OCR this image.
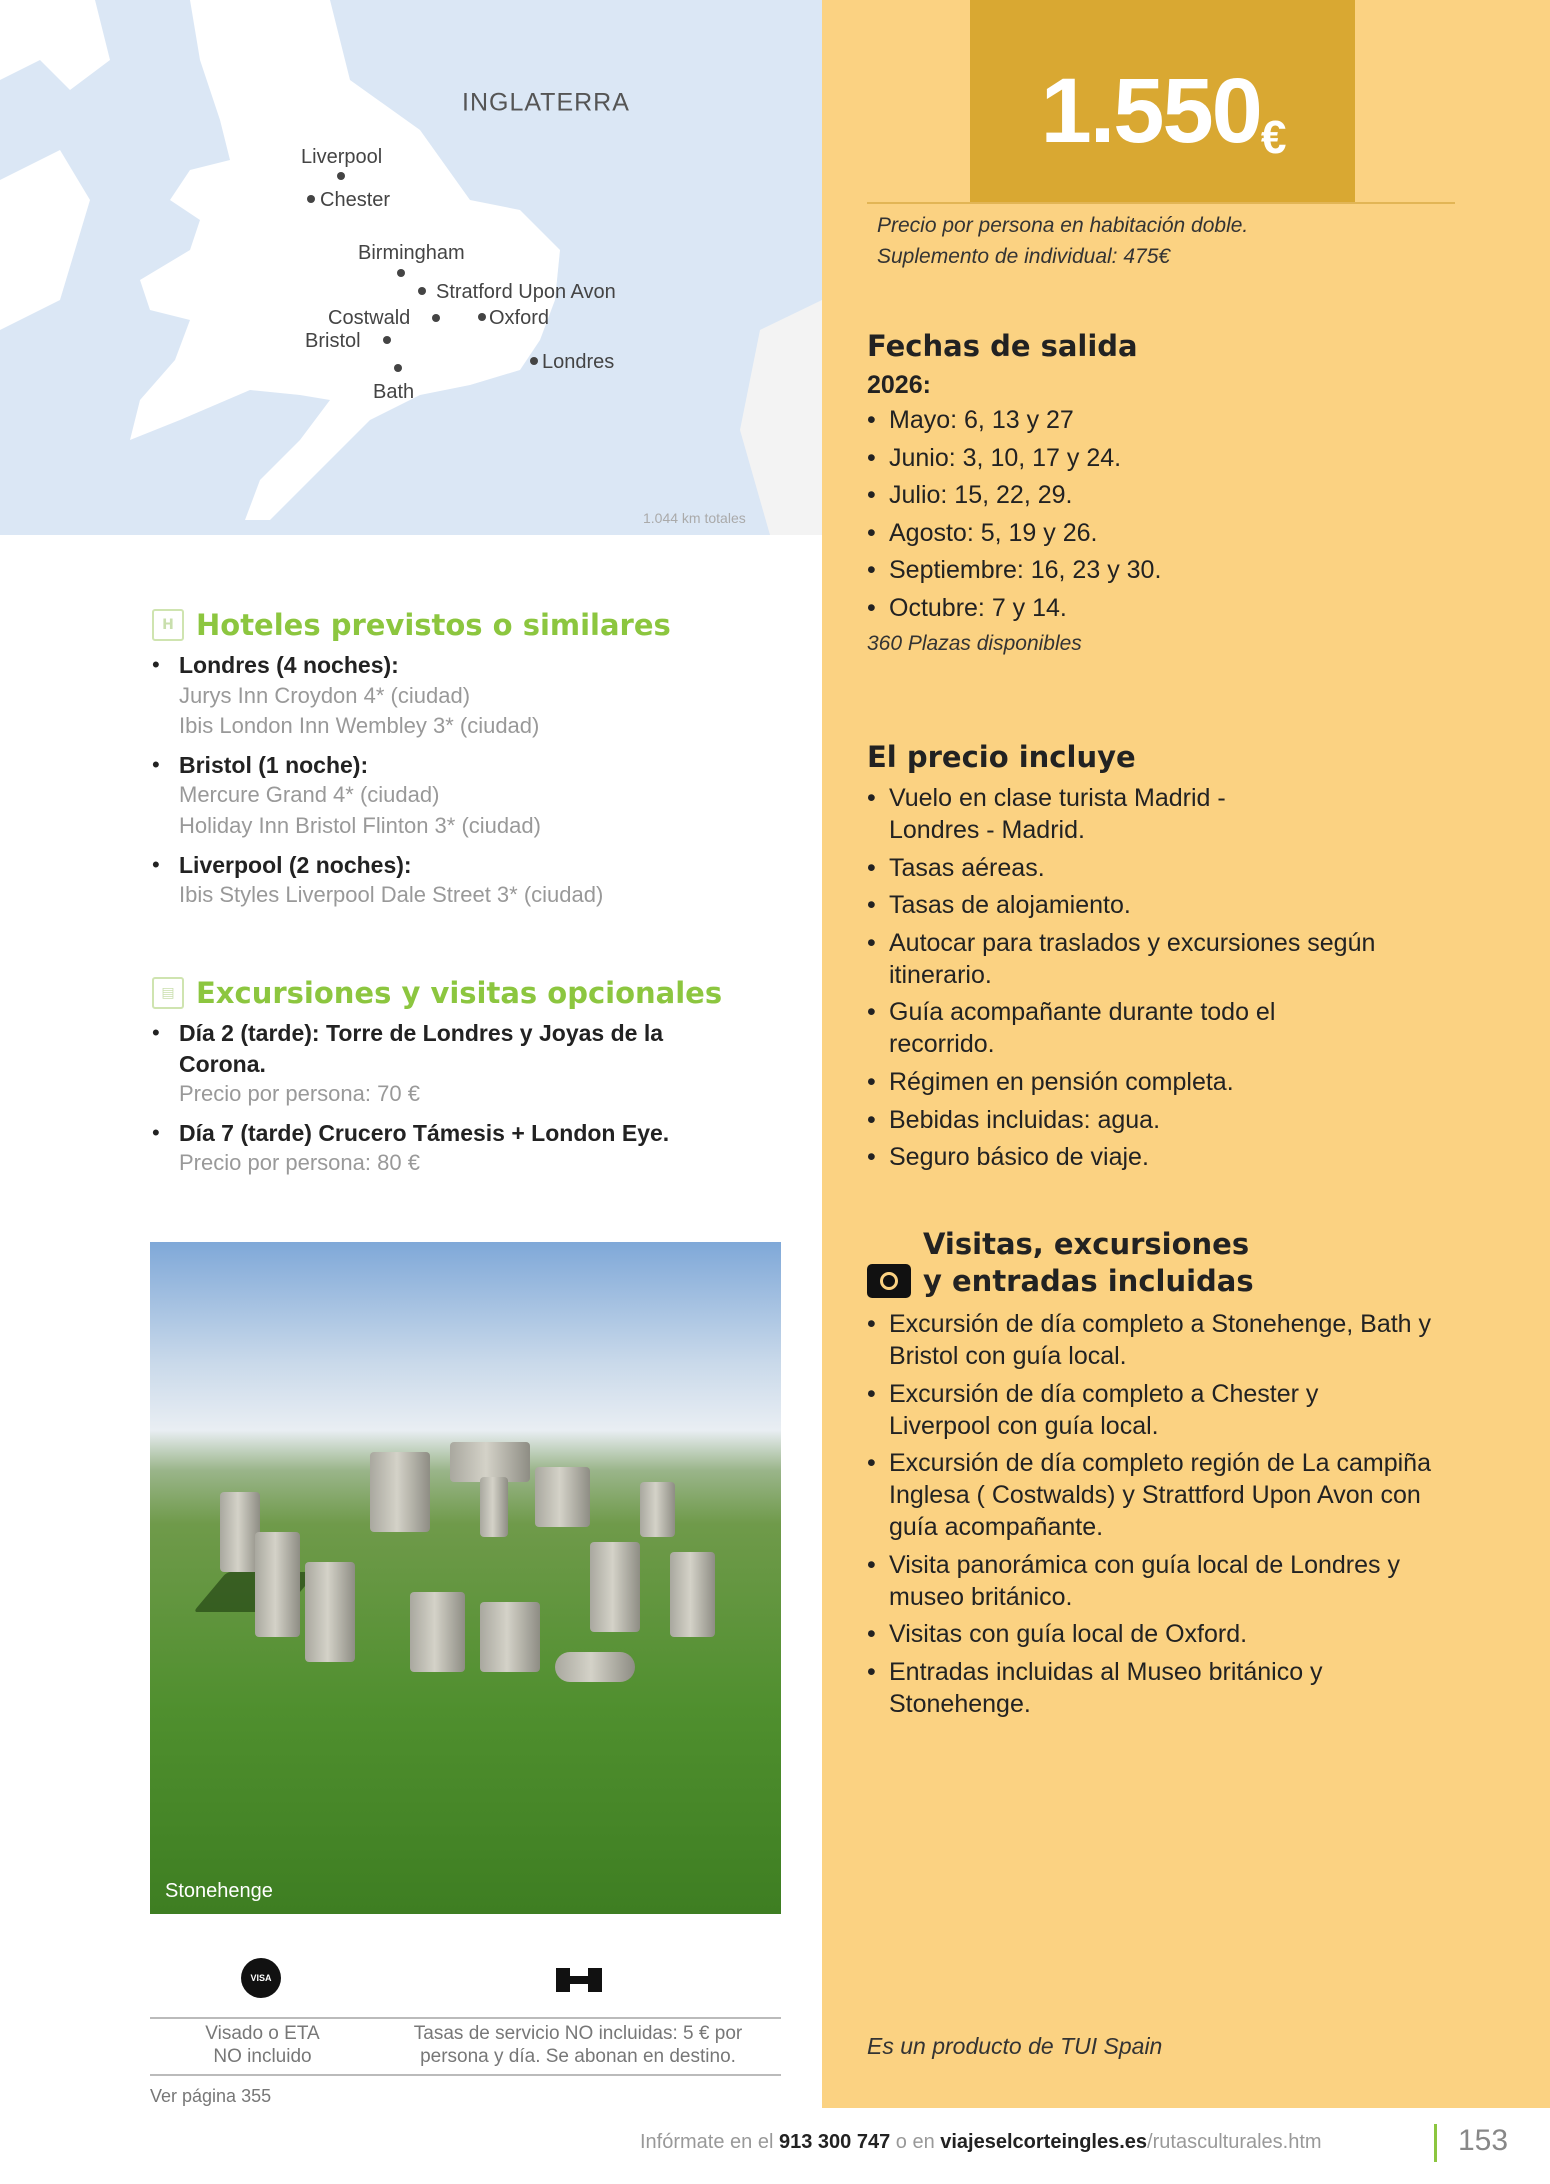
INGLATERRA
Liverpool
Chester
Birmingham
Stratford Upon Avon
Costwald	Oxford
Bristol
Londres
Bath
1.044 km totales
1.550 €
Precio por persona en habitación doble.
Suplemento de individual: 475€
Fechas de salida
2026:
• Mayo: 6, 13 y 27
• Junio: 3, 10, 17 y 24.
• Julio: 15, 22, 29.
• Agosto: 5, 19 y 26.
• Septiembre: 16, 23 y 30.
• Octubre: 7 y 14.
360 Plazas disponibles
El precio incluye
• Vuelo en clase turista Madrid - Londres - Madrid.
• Tasas aéreas.
• Tasas de alojamiento.
• Autocar para traslados y excursiones según itinerario.
• Guía acompañante durante todo el recorrido.
• Régimen en pensión completa.
• Bebidas incluidas: agua.
• Seguro básico de viaje.
Visitas, excursiones
y entradas incluidas
• Excursión de día completo a Stonehenge, Bath y Bristol con guía local.
• Excursión de día completo a Chester y Liverpool con guía local.
• Excursión de día completo región de La campiña Inglesa ( Costwalds) y Strattford Upon Avon con guía acompañante.
• Visita panorámica con guía local de Londres y museo británico.
• Visitas con guía local de Oxford.
• Entradas incluidas al Museo británico y Stonehenge.
Es un producto de TUI Spain
H Hoteles previstos o similares
• Londres (4 noches):
Jurys Inn Croydon 4* (ciudad)
Ibis London Inn Wembley 3* (ciudad)
• Bristol (1 noche):
Mercure Grand 4* (ciudad)
Holiday Inn Bristol Flinton 3* (ciudad)
• Liverpool (2 noches):
Ibis Styles Liverpool Dale Street 3* (ciudad)
▤ Excursiones y visitas opcionales
• Día 2 (tarde): Torre de Londres y Joyas de la Corona.
Precio por persona: 70 €
• Día 7 (tarde) Crucero Támesis + London Eye.
Precio por persona: 80 €
Stonehenge
VISA
Visado o ETA
NO incluido
Tasas de servicio NO incluidas: 5 € por
persona y día. Se abonan en destino.
Ver página 355
Infórmate en el 913 300 747 o en viajeselcorteingles.es/rutasculturales.htm	153
